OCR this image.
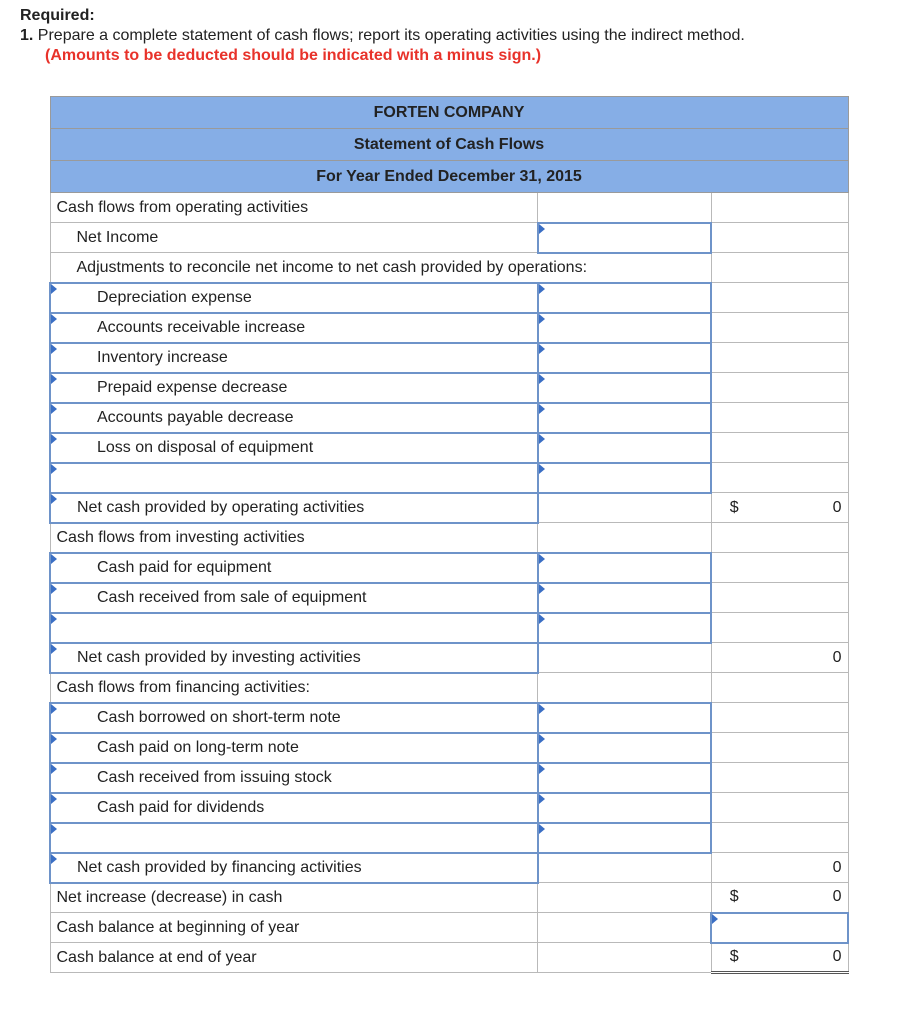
Required:
1. Prepare a complete statement of cash flows; report its operating activities using the indirect method.
(Amounts to be deducted should be indicated with a minus sign.)
FORTEN COMPANY		
Statement of Cash Flows		
For Year Ended December 31, 2015		

Cash flows from operating activities		

Net Income		

Adjustments to reconcile net income to net cash provided by operations:		

Depreciation expense		

Accounts receivable increase		

Inventory increase		

Prepaid expense decrease		

Accounts payable decrease		

Loss on disposal of equipment		

Net cash provided by operating activities		$ 0

Cash flows from investing activities		

Cash paid for equipment		

Cash received from sale of equipment		

Net cash provided by investing activities		0

Cash flows from financing activities:		

Cash borrowed on short-term note		

Cash paid on long-term note		

Cash received from issuing stock		

Cash paid for dividends		

Net cash provided by financing activities		0

Net increase (decrease) in cash		$ 0

Cash balance at beginning of year		

Cash balance at end of year		$ 0
